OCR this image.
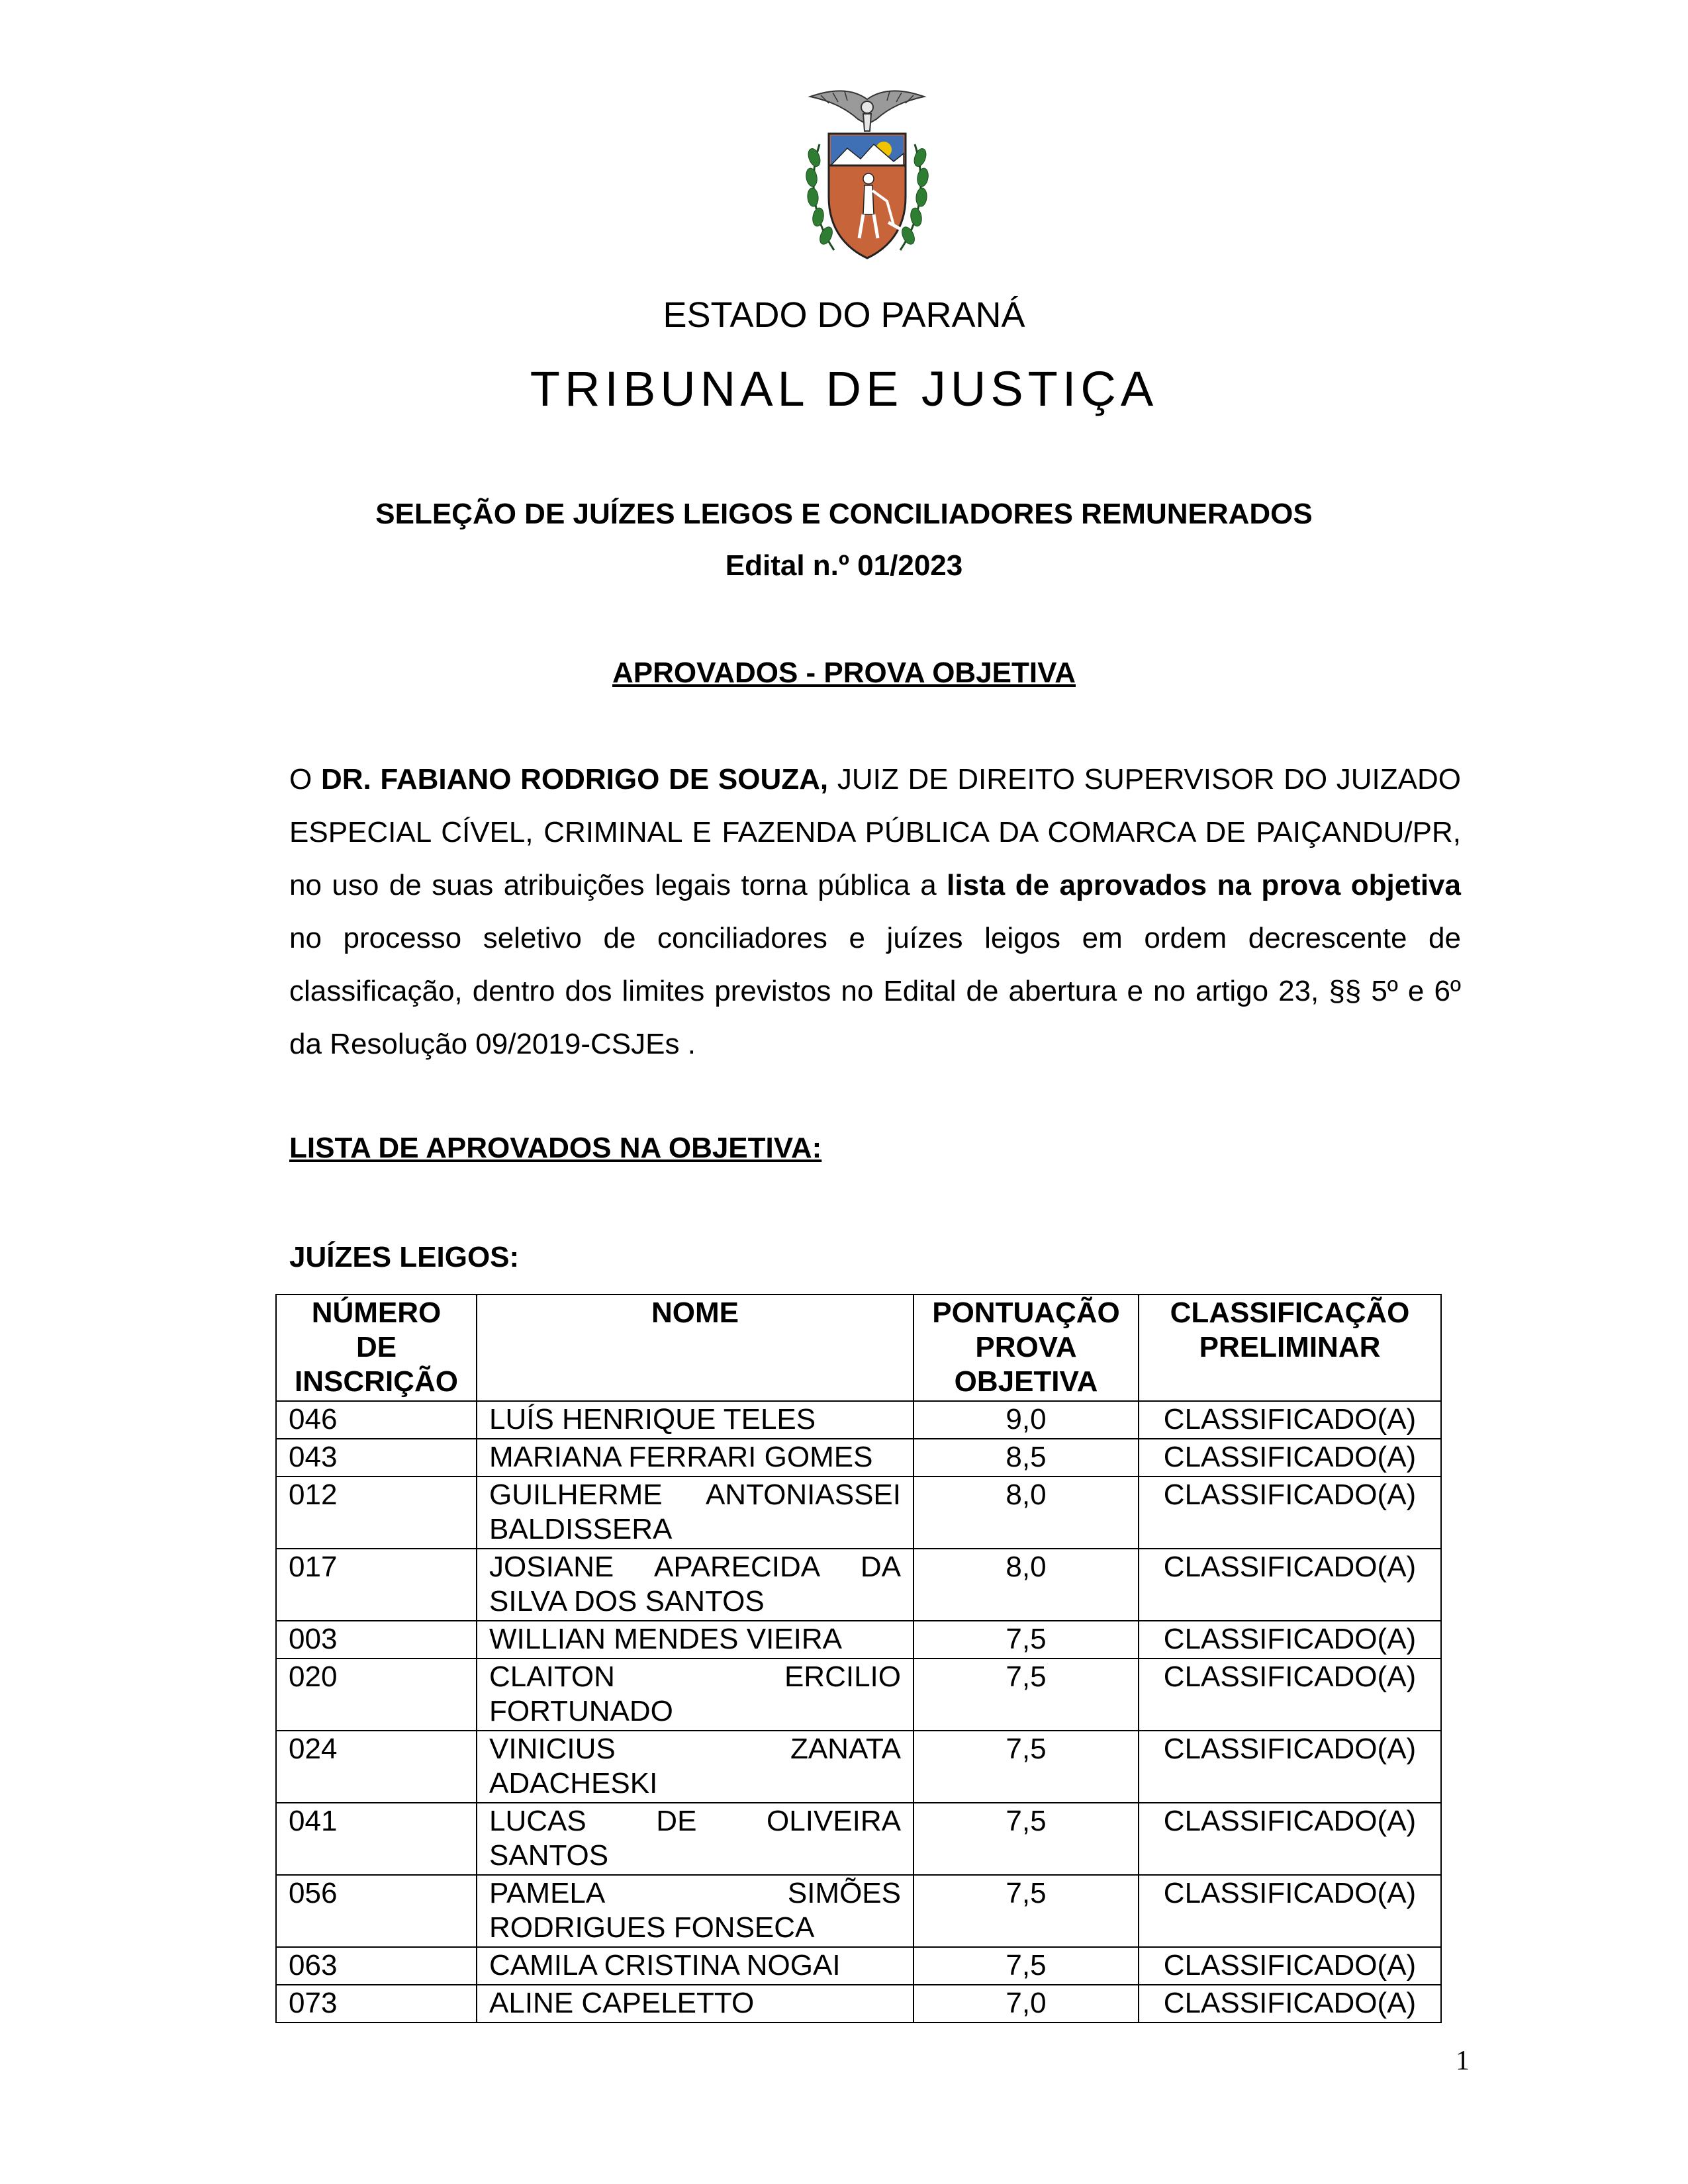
ESTADO DO PARANÁ
TRIBUNAL DE JUSTIÇA
SELEÇÃO DE JUÍZES LEIGOS E CONCILIADORES REMUNERADOS
Edital n.º 01/2023
APROVADOS - PROVA OBJETIVA

O DR. FABIANO RODRIGO DE SOUZA, JUIZ DE DIREITO SUPERVISOR DO JUIZADO ESPECIAL CÍVEL, CRIMINAL E FAZENDA PÚBLICA DA COMARCA DE PAIÇANDU/PR, no uso de suas atribuições legais torna pública a lista de aprovados na prova objetiva no processo seletivo de conciliadores e juízes leigos em ordem decrescente de classificação, dentro dos limites previstos no Edital de abertura e no artigo 23, §§ 5º e 6º da Resolução 09/2019-CSJEs .

LISTA DE APROVADOS NA OBJETIVA:
JUÍZES LEIGOS:
NÚMERO DE INSCRIÇÃO	NOME	PONTUAÇÃO PROVA OBJETIVA	CLASSIFICAÇÃO PRELIMINAR
046	LUÍS HENRIQUE TELES	9,0	CLASSIFICADO(A)
043	MARIANA FERRARI GOMES	8,5	CLASSIFICADO(A)
012	GUILHERME ANTONIASSEI BALDISSERA	8,0	CLASSIFICADO(A)
017	JOSIANE APARECIDA DA SILVA DOS SANTOS	8,0	CLASSIFICADO(A)
003	WILLIAN MENDES VIEIRA	7,5	CLASSIFICADO(A)
020	CLAITON ERCILIO FORTUNADO	7,5	CLASSIFICADO(A)
024	VINICIUS ZANATA ADACHESKI	7,5	CLASSIFICADO(A)
041	LUCAS DE OLIVEIRA SANTOS	7,5	CLASSIFICADO(A)
056	PAMELA SIMÕES RODRIGUES FONSECA	7,5	CLASSIFICADO(A)
063	CAMILA CRISTINA NOGAI	7,5	CLASSIFICADO(A)
073	ALINE CAPELETTO	7,0	CLASSIFICADO(A)
1
